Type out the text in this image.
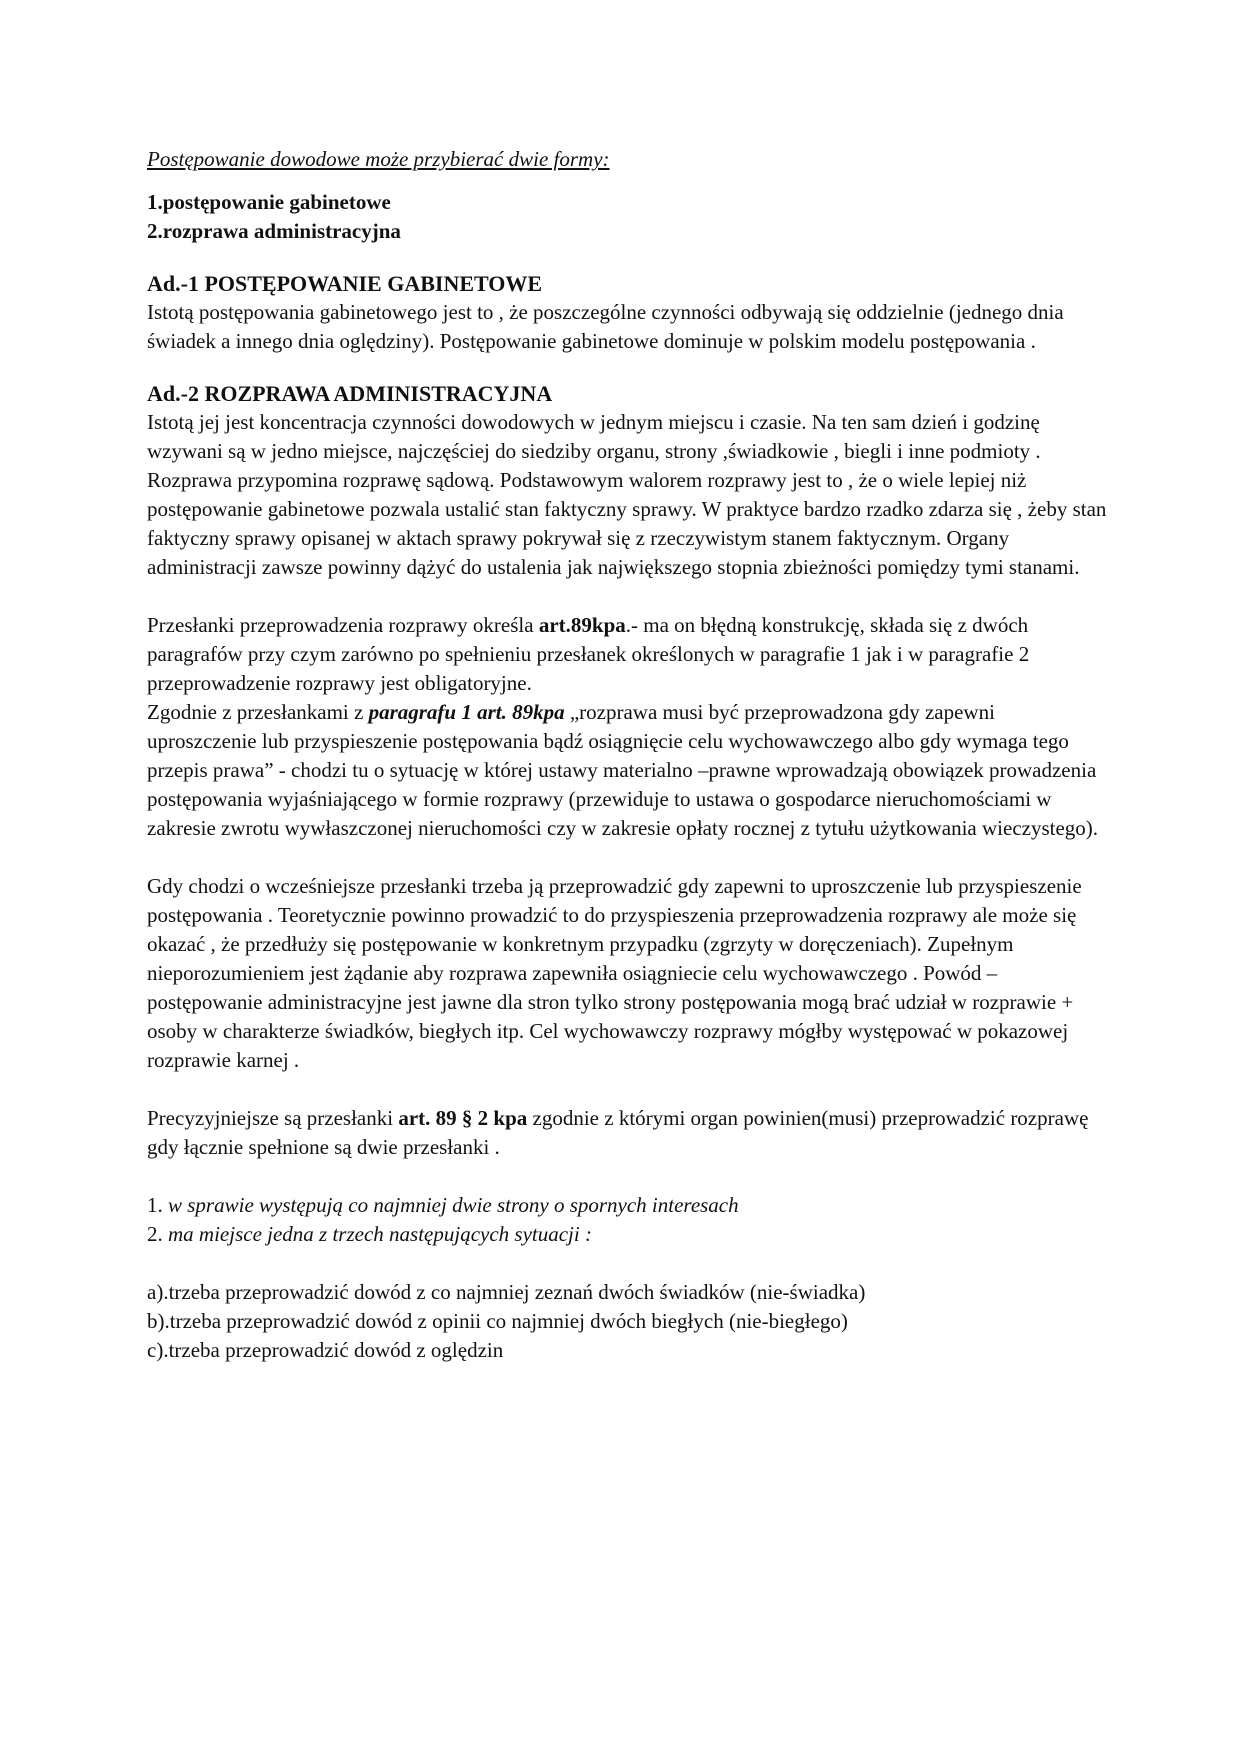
Postępowanie dowodowe może przybierać dwie formy:

1.postępowanie gabinetowe

2.rozprawa administracyjna

Ad.-1 POSTĘPOWANIE GABINETOWE

Istotą postępowania gabinetowego jest to , że poszczególne czynności odbywają się oddzielnie (jednego dnia świadek a innego dnia oględziny). Postępowanie gabinetowe dominuje w polskim modelu postępowania .

Ad.-2 ROZPRAWA ADMINISTRACYJNA

Istotą jej jest koncentracja czynności dowodowych w jednym miejscu i czasie. Na ten sam dzień i godzinę wzywani są w jedno miejsce, najczęściej do siedziby organu, strony ,świadkowie , biegli i inne podmioty . Rozprawa przypomina rozprawę sądową. Podstawowym walorem rozprawy jest to , że o wiele lepiej niż postępowanie gabinetowe pozwala ustalić stan faktyczny sprawy. W praktyce bardzo rzadko zdarza się , żeby stan faktyczny sprawy opisanej w aktach sprawy pokrywał się z rzeczywistym stanem faktycznym. Organy administracji zawsze powinny dążyć do ustalenia jak największego stopnia zbieżności pomiędzy tymi stanami.

Przesłanki przeprowadzenia rozprawy określa art.89kpa.- ma on błędną konstrukcję, składa się z dwóch paragrafów przy czym zarówno po spełnieniu przesłanek określonych w paragrafie 1 jak i w paragrafie 2 przeprowadzenie rozprawy jest obligatoryjne.

Zgodnie z przesłankami z paragrafu 1 art. 89kpa „rozprawa musi być przeprowadzona gdy zapewni uproszczenie lub przyspieszenie postępowania bądź osiągnięcie celu wychowawczego albo gdy wymaga tego przepis prawa” - chodzi tu o sytuację w której ustawy materialno –prawne wprowadzają obowiązek prowadzenia postępowania wyjaśniającego w formie rozprawy (przewiduje to ustawa o gospodarce nieruchomościami w zakresie zwrotu wywłaszczonej nieruchomości czy w zakresie opłaty rocznej z tytułu użytkowania wieczystego).

Gdy chodzi o wcześniejsze przesłanki trzeba ją przeprowadzić gdy zapewni to uproszczenie lub przyspieszenie postępowania . Teoretycznie powinno prowadzić to do przyspieszenia przeprowadzenia rozprawy ale może się okazać , że przedłuży się postępowanie w konkretnym przypadku (zgrzyty w doręczeniach). Zupełnym nieporozumieniem jest żądanie aby rozprawa zapewniła osiągniecie celu wychowawczego . Powód – postępowanie administracyjne jest jawne dla stron tylko strony postępowania mogą brać udział w rozprawie + osoby w charakterze świadków, biegłych itp. Cel wychowawczy rozprawy mógłby występować w pokazowej rozprawie karnej .

Precyzyjniejsze są przesłanki art. 89 § 2 kpa zgodnie z którymi organ powinien(musi) przeprowadzić rozprawę gdy łącznie spełnione są dwie przesłanki .

1. w sprawie występują co najmniej dwie strony o spornych interesach

2. ma miejsce jedna z trzech następujących sytuacji :

a).trzeba przeprowadzić dowód z co najmniej zeznań dwóch świadków (nie-świadka)

b).trzeba przeprowadzić dowód z opinii co najmniej dwóch biegłych (nie-biegłego)

c).trzeba przeprowadzić dowód z oględzin
